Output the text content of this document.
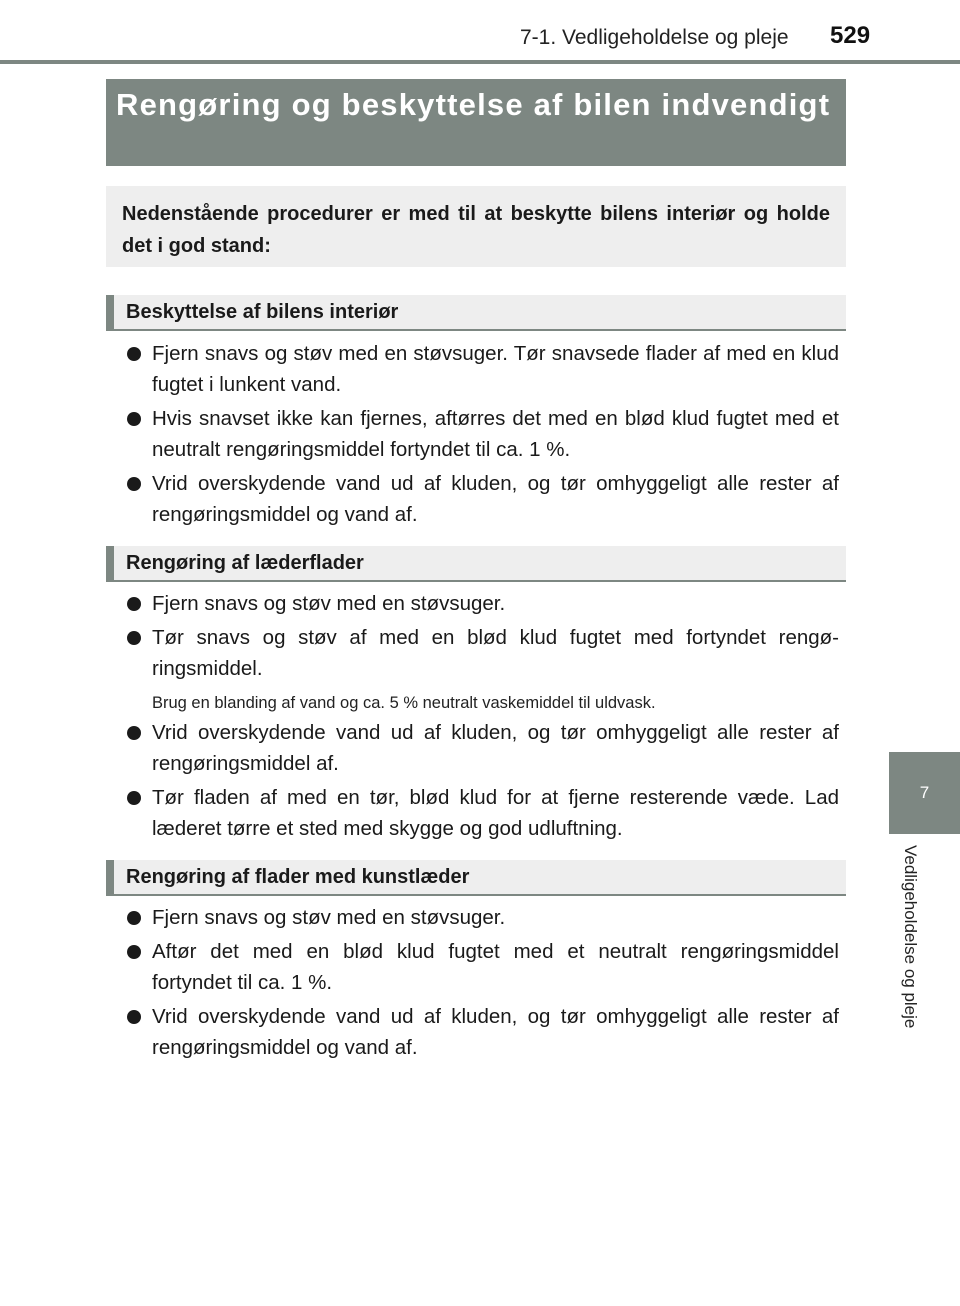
7-1. Vedligeholdelse og pleje 529
7
Vedligeholdelse og pleje
Rengøring og beskyttelse af bilen indvendigt
Nedenstående procedurer er med til at beskytte bilens interiør og holde det i god stand:
Beskyttelse af bilens interiør
Fjern snavs og støv med en støvsuger. Tør snavsede flader af med en klud fugtet i lunkent vand.
Hvis snavset ikke kan fjernes, aftørres det med en blød klud fugtet med et neutralt rengøringsmiddel fortyndet til ca. 1 %.
Vrid overskydende vand ud af kluden, og tør omhyggeligt alle rester af rengøringsmiddel og vand af.
Rengøring af læderflader
Fjern snavs og støv med en støvsuger.
Tør snavs og støv af med en blød klud fugtet med fortyndet rengøringsmiddel.
Brug en blanding af vand og ca. 5 % neutralt vaskemiddel til uldvask.
Vrid overskydende vand ud af kluden, og tør omhyggeligt alle rester af rengøringsmiddel af.
Tør fladen af med en tør, blød klud for at fjerne resterende væde. Lad læderet tørre et sted med skygge og god udluftning.
Rengøring af flader med kunstlæder
Fjern snavs og støv med en støvsuger.
Aftør det med en blød klud fugtet med et neutralt rengøringsmiddel fortyndet til ca. 1 %.
Vrid overskydende vand ud af kluden, og tør omhyggeligt alle rester af rengøringsmiddel og vand af.
